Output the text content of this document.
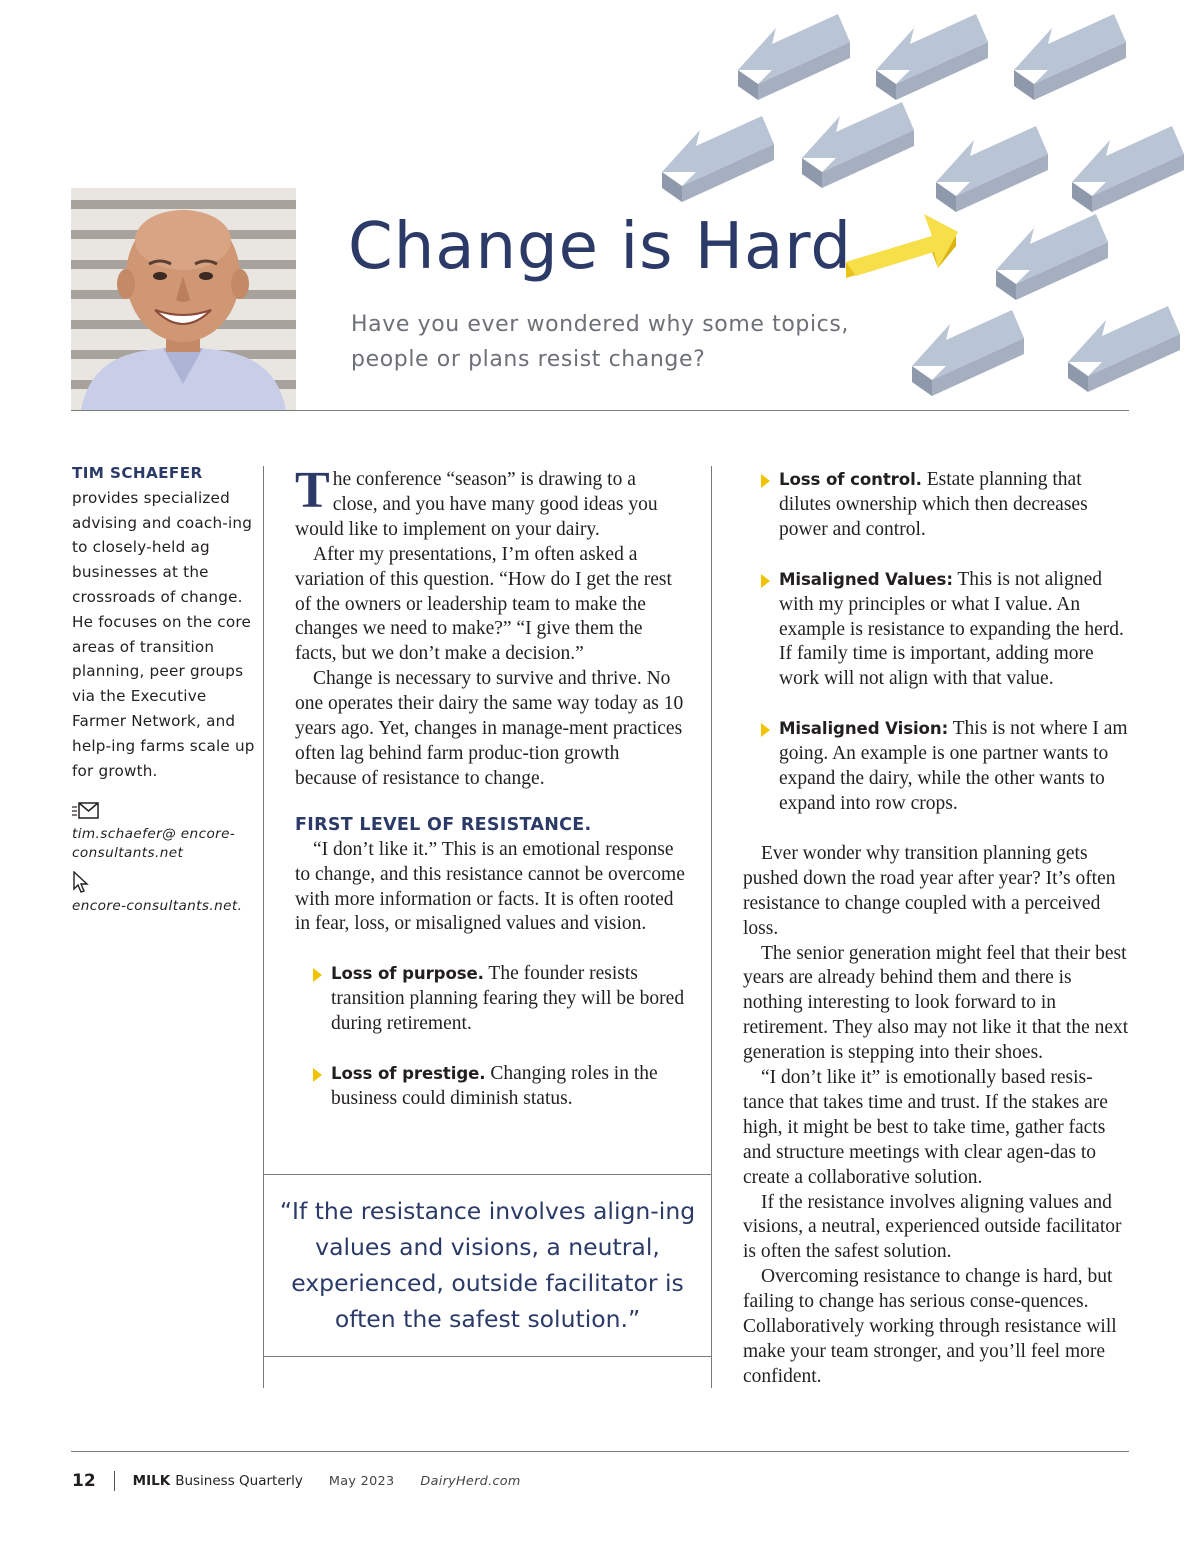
Change is Hard

Have you ever wondered why some topics, people or plans resist change?

TIM SCHAEFER
provides specialized advising and coach-ing to closely-held ag businesses at the crossroads of change. He focuses on the core areas of transition planning, peer groups via the Executive Farmer Network, and help-ing farms scale up for growth.

tim.schaefer@ encore-consultants.net

encore-consultants.net.

The conference “season” is drawing to a close, and you have many good ideas you would like to implement on your dairy.

After my presentations, I’m often asked a variation of this question. “How do I get the rest of the owners or leadership team to make the changes we need to make?” “I give them the facts, but we don’t make a decision.”

Change is necessary to survive and thrive. No one operates their dairy the same way today as 10 years ago. Yet, changes in manage-ment practices often lag behind farm produc-tion growth because of resistance to change.

FIRST LEVEL OF RESISTANCE.

“I don’t like it.” This is an emotional response to change, and this resistance cannot be overcome with more information or facts. It is often rooted in fear, loss, or misaligned values and vision.

Loss of purpose. The founder resists transition planning fearing they will be bored during retirement.
Loss of prestige. Changing roles in the business could diminish status.

“If the resistance involves align-ing values and visions, a neutral, experienced, outside facilitator is often the safest solution.”

Loss of control. Estate planning that dilutes ownership which then decreases power and control.
Misaligned Values: This is not aligned with my principles or what I value. An example is resistance to expanding the herd. If family time is important, adding more work will not align with that value.
Misaligned Vision: This is not where I am going. An example is one partner wants to expand the dairy, while the other wants to expand into row crops.

Ever wonder why transition planning gets pushed down the road year after year? It’s often resistance to change coupled with a perceived loss.

The senior generation might feel that their best years are already behind them and there is nothing interesting to look forward to in retirement. They also may not like it that the next generation is stepping into their shoes.

“I don’t like it” is emotionally based resis-tance that takes time and trust. If the stakes are high, it might be best to take time, gather facts and structure meetings with clear agen-das to create a collaborative solution.

If the resistance involves aligning values and visions, a neutral, experienced outside facilitator is often the safest solution.

Overcoming resistance to change is hard, but failing to change has serious conse-quences. Collaboratively working through resistance will make your team stronger, and you’ll feel more confident.

12	MILK Business Quarterly May 2023 DairyHerd.com
